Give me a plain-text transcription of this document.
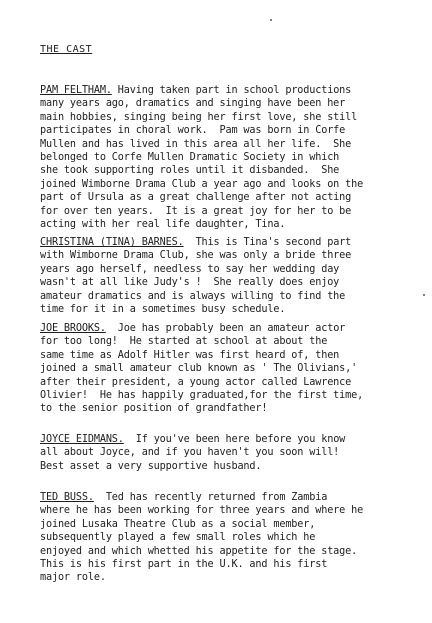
THE CAST
PAM FELTHAM. Having taken part in school productions
many years ago, dramatics and singing have been her
main hobbies, singing being her first love, she still
participates in choral work.  Pam was born in Corfe
Mullen and has lived in this area all her life.  She
belonged to Corfe Mullen Dramatic Society in which
she took supporting roles until it disbanded.  She
joined Wimborne Drama Club a year ago and looks on the
part of Ursula as a great challenge after not acting
for over ten years.  It is a great joy for her to be
acting with her real life daughter, Tina.
CHRISTINA (TINA) BARNES.  This is Tina's second part
with Wimborne Drama Club, she was only a bride three
years ago herself, needless to say her wedding day
wasn't at all like Judy's !  She really does enjoy
amateur dramatics and is always willing to find the
time for it in a sometimes busy schedule.
JOE BROOKS.  Joe has probably been an amateur actor
for too long!  He started at school at about the
same time as Adolf Hitler was first heard of, then
joined a small amateur club known as ' The Olivians,'
after their president, a young actor called Lawrence
Olivier!  He has happily graduated,for the first time,
to the senior position of grandfather!
JOYCE EIDMANS.  If you've been here before you know
all about Joyce, and if you haven't you soon will!
Best asset a very supportive husband.
TED BUSS.  Ted has recently returned from Zambia
where he has been working for three years and where he
joined Lusaka Theatre Club as a social member,
subsequently played a few small roles which he
enjoyed and which whetted his appetite for the stage.
This is his first part in the U.K. and his first
major role.
